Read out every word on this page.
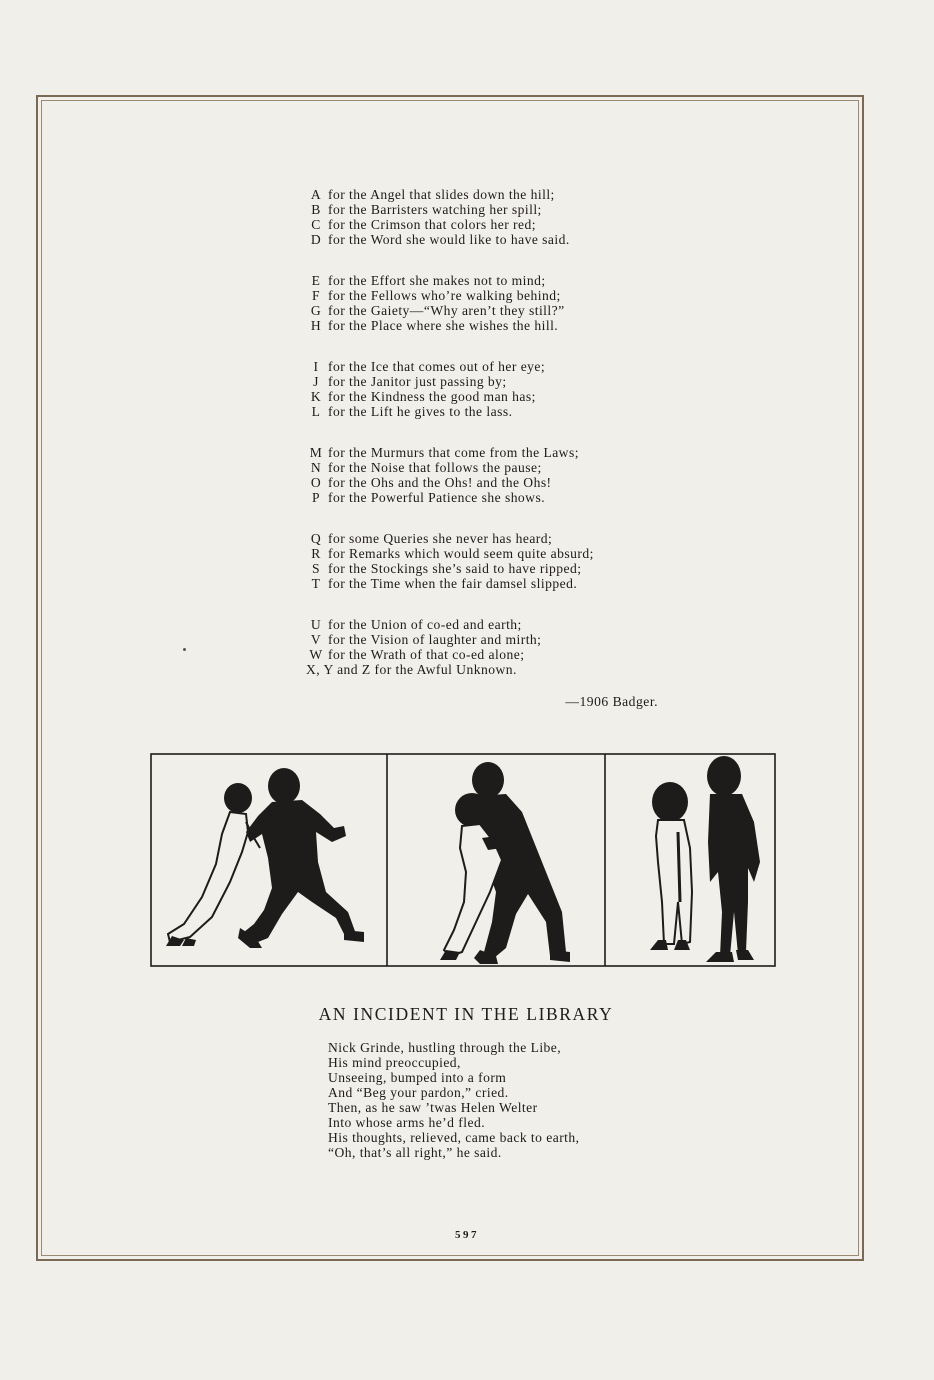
A for the Angel that slides down the hill;
B for the Barristers watching her spill;
C for the Crimson that colors her red;
D for the Word she would like to have said.
E for the Effort she makes not to mind;
F for the Fellows who’re walking behind;
G for the Gaiety—“Why aren’t they still?”
H for the Place where she wishes the hill.
I for the Ice that comes out of her eye;
J for the Janitor just passing by;
K for the Kindness the good man has;
L for the Lift he gives to the lass.
M for the Murmurs that come from the Laws;
N for the Noise that follows the pause;
O for the Ohs and the Ohs! and the Ohs!
P for the Powerful Patience she shows.
Q for some Queries she never has heard;
R for Remarks which would seem quite absurd;
S for the Stockings she’s said to have ripped;
T for the Time when the fair damsel slipped.
U for the Union of co-ed and earth;
V for the Vision of laughter and mirth;
W for the Wrath of that co-ed alone;
X, Y and Z for the Awful Unknown.
—1906 Badger.
AN INCIDENT IN THE LIBRARY
Nick Grinde, hustling through the Libe,
His mind preoccupied,
Unseeing, bumped into a form
And “Beg your pardon,” cried.
Then, as he saw ’twas Helen Welter
Into whose arms he’d fled.
His thoughts, relieved, came back to earth,
“Oh, that’s all right,” he said.
597
